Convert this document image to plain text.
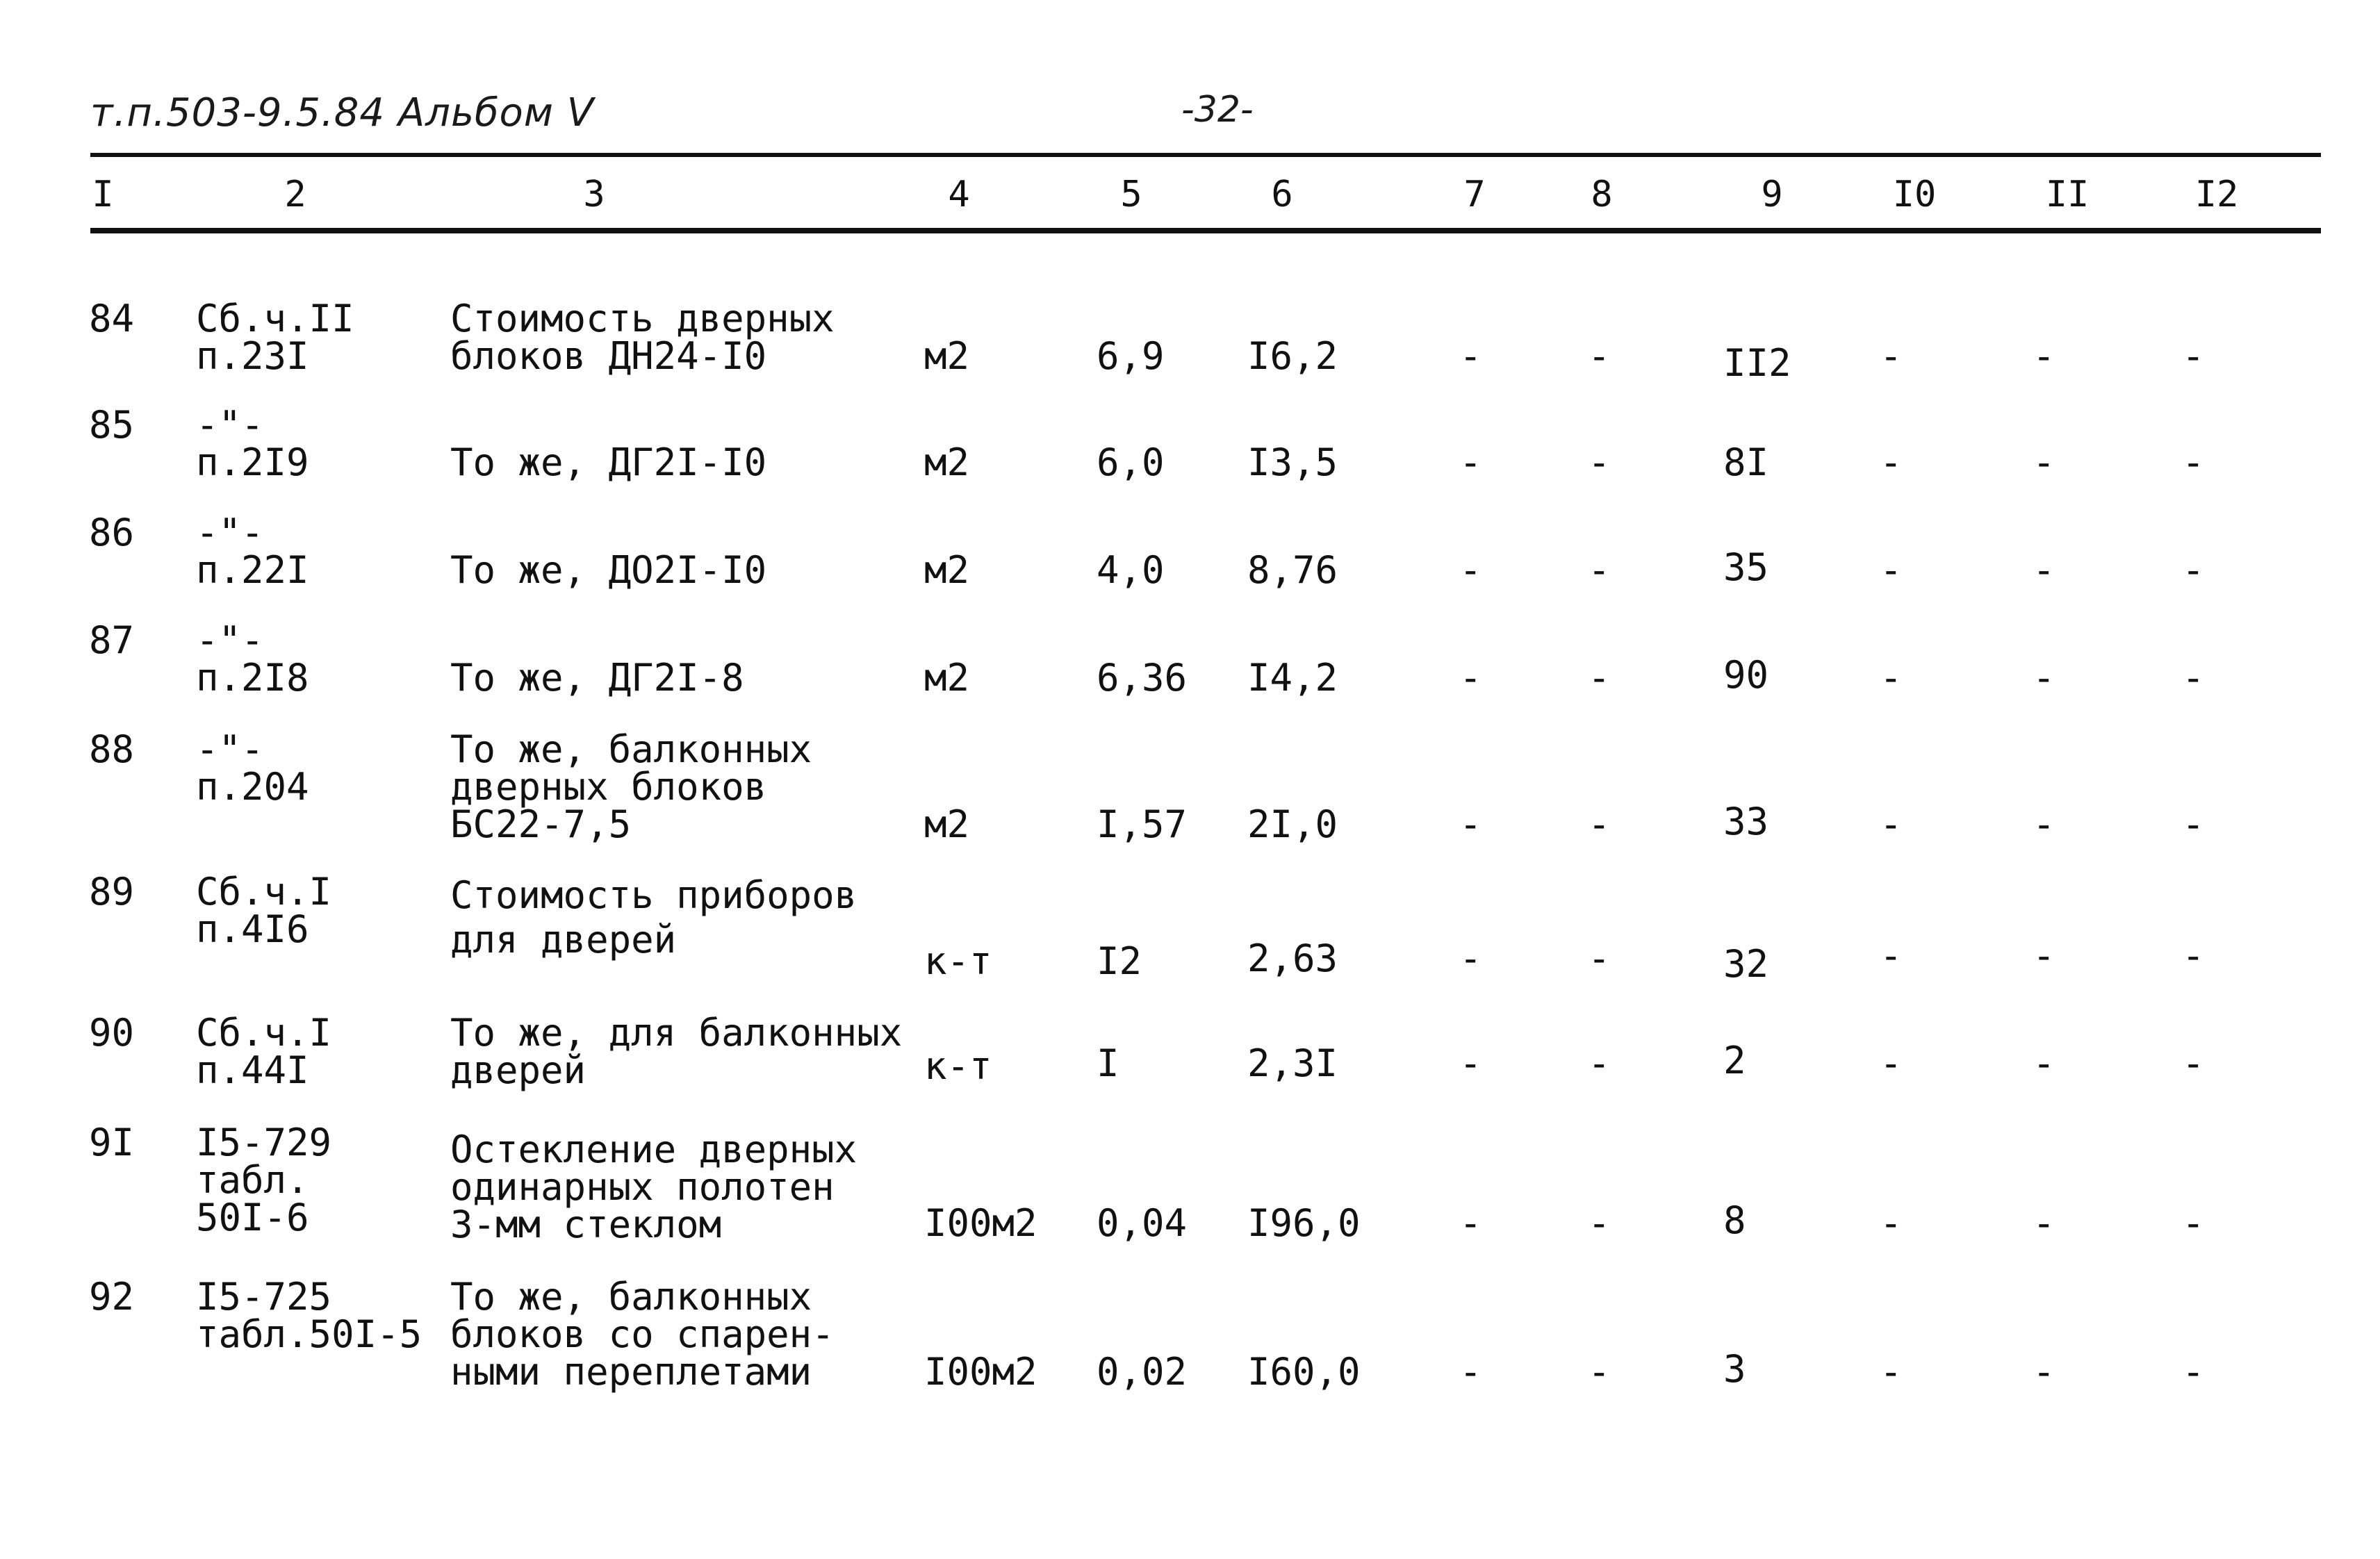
т.п.503-9.5.84 Альбом V	-32-
I	2	3	4	5	6	7	8	9	I0	II	I2
84 Сб.ч.II
п.23I
Стоимость дверных
блоков ДН24-I0	м2	6,9 I6,2	-	-	II2 -	-	-
85 -"-
п.2I9	То же, ДГ2I-I0	м2	6,0 I3,5	-	-	8I	-	-	-
86 -"-
п.22I	То же, ДО2I-I0	м2	4,0 8,76	-	-	35	-	-	-
87 -"-
п.2I8	То же, ДГ2I-8	м2	6,36 I4,2	-	-	90	-	-	-
88 -"-
п.204
То же, балконных
дверных блоков
БС22-7,5	м2	I,57 2I,0	-	-	33	-	-	-
89 Сб.ч.I
п.4I6
Стоимость приборов
для дверей	к-т	I2	2,63	-	-	32	-	-	-
90 Сб.ч.I
п.44I
То же, для балконных
дверей	к-т	I	2,3I	-	-	2	-	-	-
9I I5-729
табл.
50I-6
Остекление дверных
одинарных полотен
3-мм стеклом	I00м2 0,04 I96,0	-	-	8	-	-	-
92 I5-725
табл.50I-5
То же, балконных
блоков со спарен-
ными переплетами	I00м2 0,02 I60,0	-	-	3	-	-	-
